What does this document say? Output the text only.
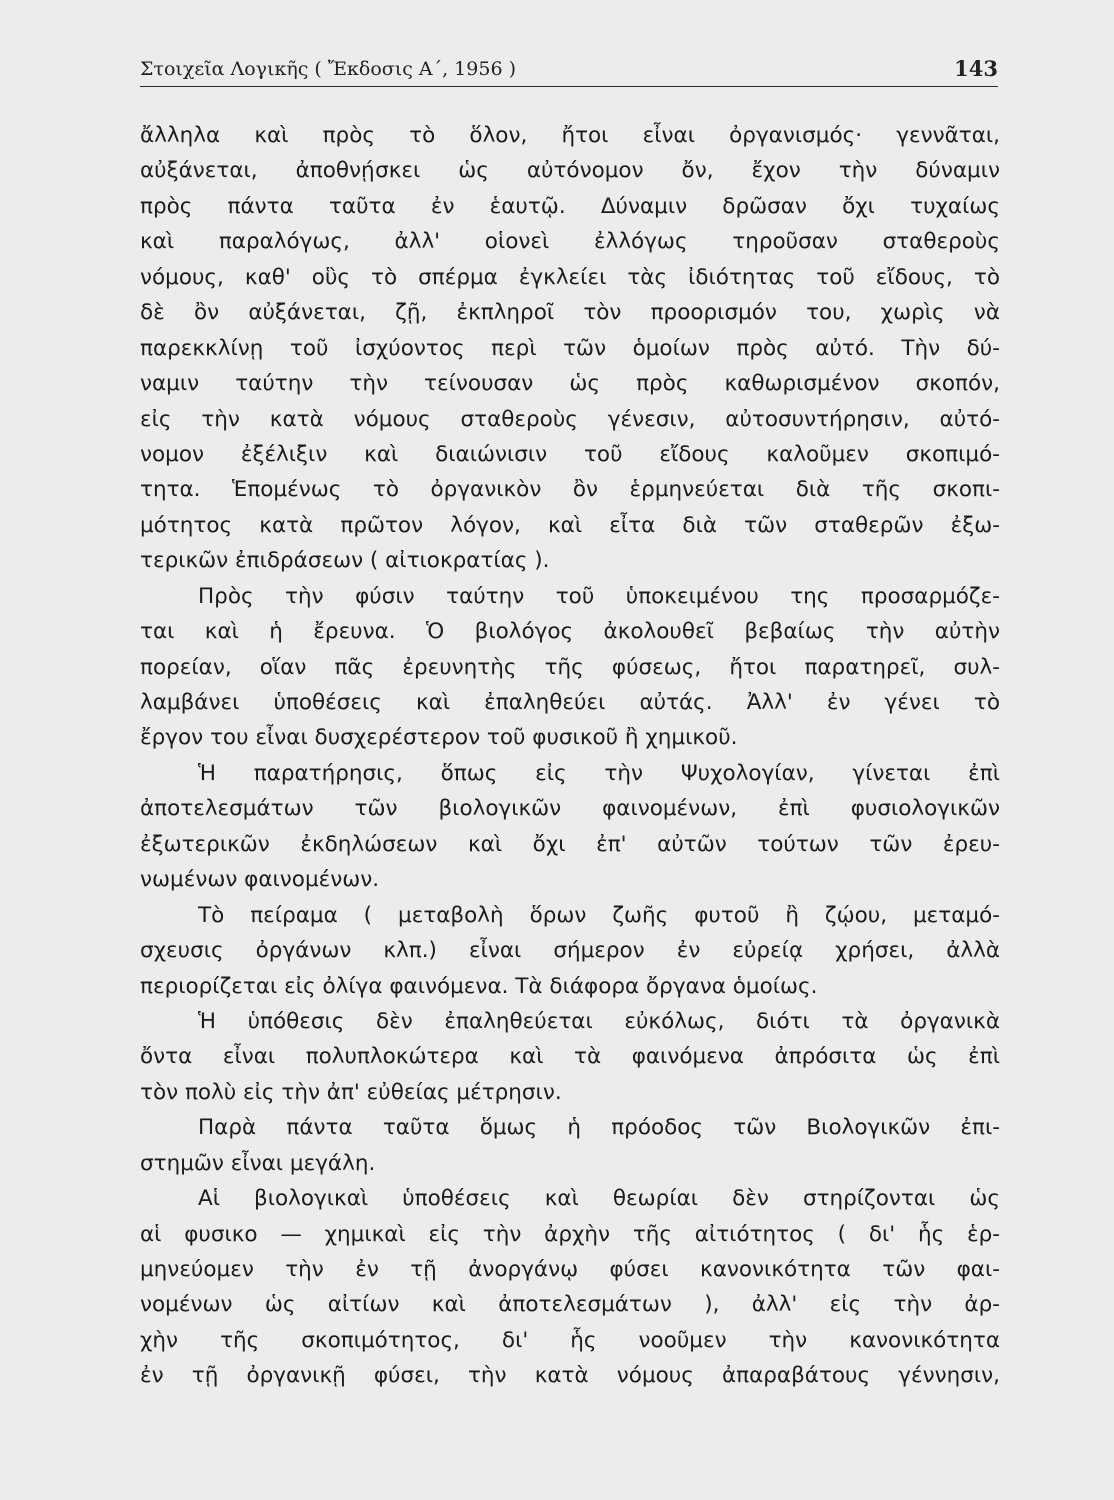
Στοιχεῖα Λογικῆς ( Ἔκδοσις Α΄, 1956 )	143
ἄλληλα καὶ πρὸς τὸ ὅλον, ἤτοι εἶναι ὀργανισμός· γεννᾶται,
αὐξάνεται, ἀποθνῄσκει ὡς αὐτόνομον ὄν, ἔχον τὴν δύναμιν
πρὸς πάντα ταῦτα ἐν ἑαυτῷ. Δύναμιν δρῶσαν ὄχι τυχαίως
καὶ παραλόγως, ἀλλ' οἱονεὶ ἐλλόγως τηροῦσαν σταθεροὺς
νόμους, καθ' οὓς τὸ σπέρμα ἐγκλείει τὰς ἰδιότητας τοῦ εἴδους, τὸ
δὲ ὂν αὐξάνεται, ζῇ, ἐκπληροῖ τὸν προορισμόν του, χωρὶς νὰ
παρεκκλίνῃ τοῦ ἰσχύοντος περὶ τῶν ὁμοίων πρὸς αὐτό. Τὴν δύ-
ναμιν ταύτην τὴν τείνουσαν ὡς πρὸς καθωρισμένον σκοπόν,
εἰς τὴν κατὰ νόμους σταθεροὺς γένεσιν, αὐτοσυντήρησιν, αὐτό-
νομον ἐξέλιξιν καὶ διαιώνισιν τοῦ εἴδους καλοῦμεν σκοπιμό-
τητα. Ἑπομένως τὸ ὀργανικὸν ὂν ἑρμηνεύεται διὰ τῆς σκοπι-
μότητος κατὰ πρῶτον λόγον, καὶ εἶτα διὰ τῶν σταθερῶν ἐξω-
τερικῶν ἐπιδράσεων ( αἰτιοκρατίας ).
Πρὸς τὴν φύσιν ταύτην τοῦ ὑποκειμένου της προσαρμόζε-
ται καὶ ἡ ἔρευνα. Ὁ βιολόγος ἀκολουθεῖ βεβαίως τὴν αὐτὴν
πορείαν, οἵαν πᾶς ἐρευνητὴς τῆς φύσεως, ἤτοι παρατηρεῖ, συλ-
λαμβάνει ὑποθέσεις καὶ ἐπαληθεύει αὐτάς. Ἀλλ' ἐν γένει τὸ
ἔργον του εἶναι δυσχερέστερον τοῦ φυσικοῦ ἢ χημικοῦ.
Ἡ παρατήρησις, ὅπως εἰς τὴν Ψυχολογίαν, γίνεται ἐπὶ
ἀποτελεσμάτων τῶν βιολογικῶν φαινομένων, ἐπὶ φυσιολογικῶν
ἐξωτερικῶν ἐκδηλώσεων καὶ ὄχι ἐπ' αὐτῶν τούτων τῶν ἐρευ-
νωμένων φαινομένων.
Τὸ πείραμα ( μεταβολὴ ὅρων ζωῆς φυτοῦ ἢ ζῴου, μεταμό-
σχευσις ὀργάνων κλπ.) εἶναι σήμερον ἐν εὐρείᾳ χρήσει, ἀλλὰ
περιορίζεται εἰς ὀλίγα φαινόμενα. Τὰ διάφορα ὄργανα ὁμοίως.
Ἡ ὑπόθεσις δὲν ἐπαληθεύεται εὐκόλως, διότι τὰ ὀργανικὰ
ὄντα εἶναι πολυπλοκώτερα καὶ τὰ φαινόμενα ἀπρόσιτα ὡς ἐπὶ
τὸν πολὺ εἰς τὴν ἀπ' εὐθείας μέτρησιν.
Παρὰ πάντα ταῦτα ὅμως ἡ πρόοδος τῶν Βιολογικῶν ἐπι-
στημῶν εἶναι μεγάλη.
Αἱ βιολογικαὶ ὑποθέσεις καὶ θεωρίαι δὲν στηρίζονται ὡς
αἱ φυσικο — χημικαὶ εἰς τὴν ἀρχὴν τῆς αἰτιότητος ( δι' ἧς ἑρ-
μηνεύομεν τὴν ἐν τῇ ἀνοργάνῳ φύσει κανονικότητα τῶν φαι-
νομένων ὡς αἰτίων καὶ ἀποτελεσμάτων ), ἀλλ' εἰς τὴν ἀρ-
χὴν τῆς σκοπιμότητος, δι' ἧς νοοῦμεν τὴν κανονικότητα
ἐν τῇ ὀργανικῇ φύσει, τὴν κατὰ νόμους ἀπαραβάτους γέννησιν,
